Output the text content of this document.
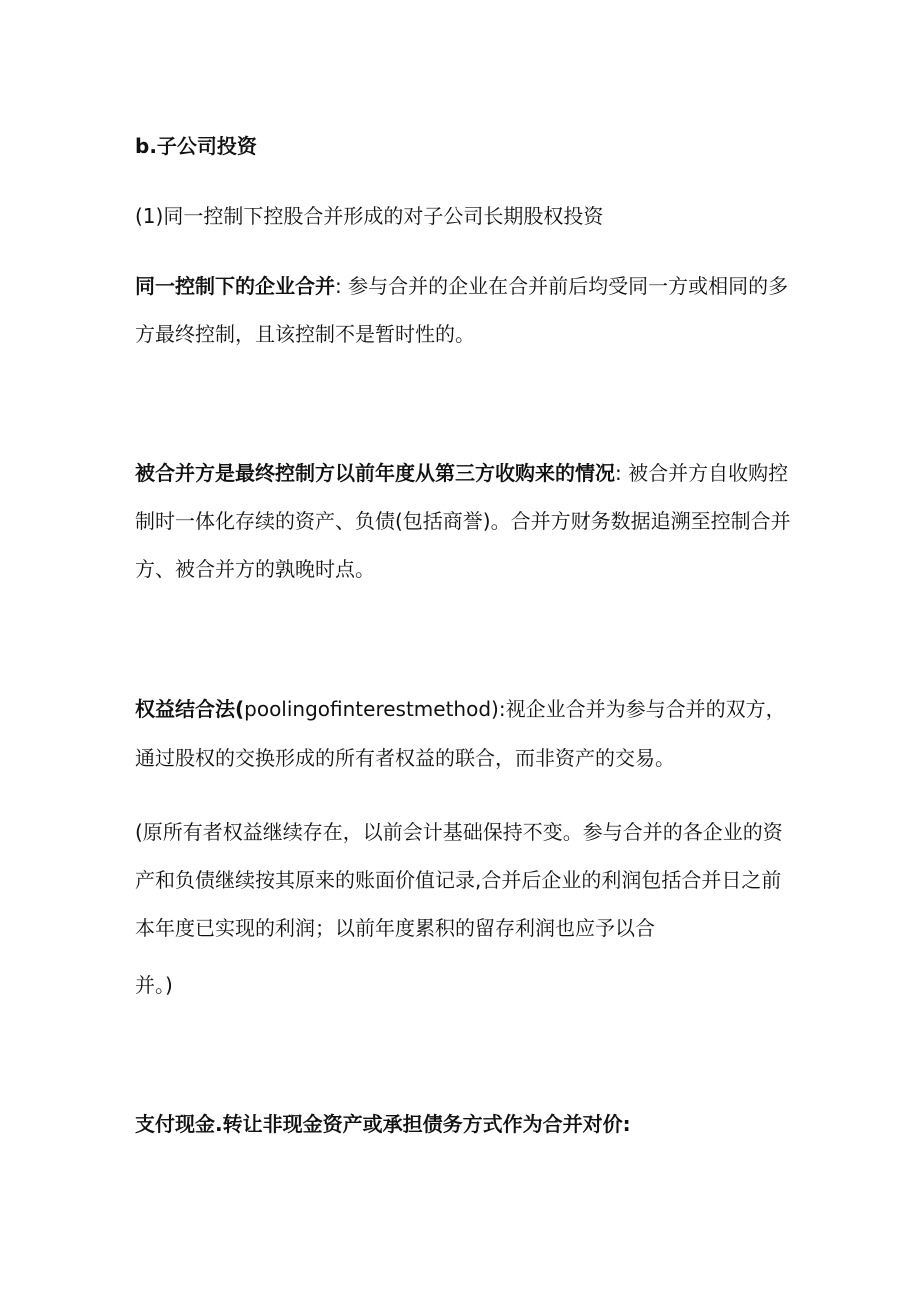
b.子公司投资
(1)同一控制下控股合并形成的对子公司长期股权投资
同一控制下的企业合并: 参与合并的企业在合并前后均受同一方或相同的多
方最终控制，且该控制不是暂时性的。
被合并方是最终控制方以前年度从第三方收购来的情况: 被合并方自收购控
制时一体化存续的资产、负债(包括商誉)。合并方财务数据追溯至控制合并
方、被合并方的孰晚时点。
权益结合法(poolingofinterestmethod):视企业合并为参与合并的双方，
通过股权的交换形成的所有者权益的联合，而非资产的交易。
(原所有者权益继续存在，以前会计基础保持不变。参与合并的各企业的资
产和负债继续按其原来的账面价值记录,合并后企业的利润包括合并日之前
本年度已实现的利润；以前年度累积的留存利润也应予以合
并。)
支付现金.转让非现金资产或承担债务方式作为合并对价:
